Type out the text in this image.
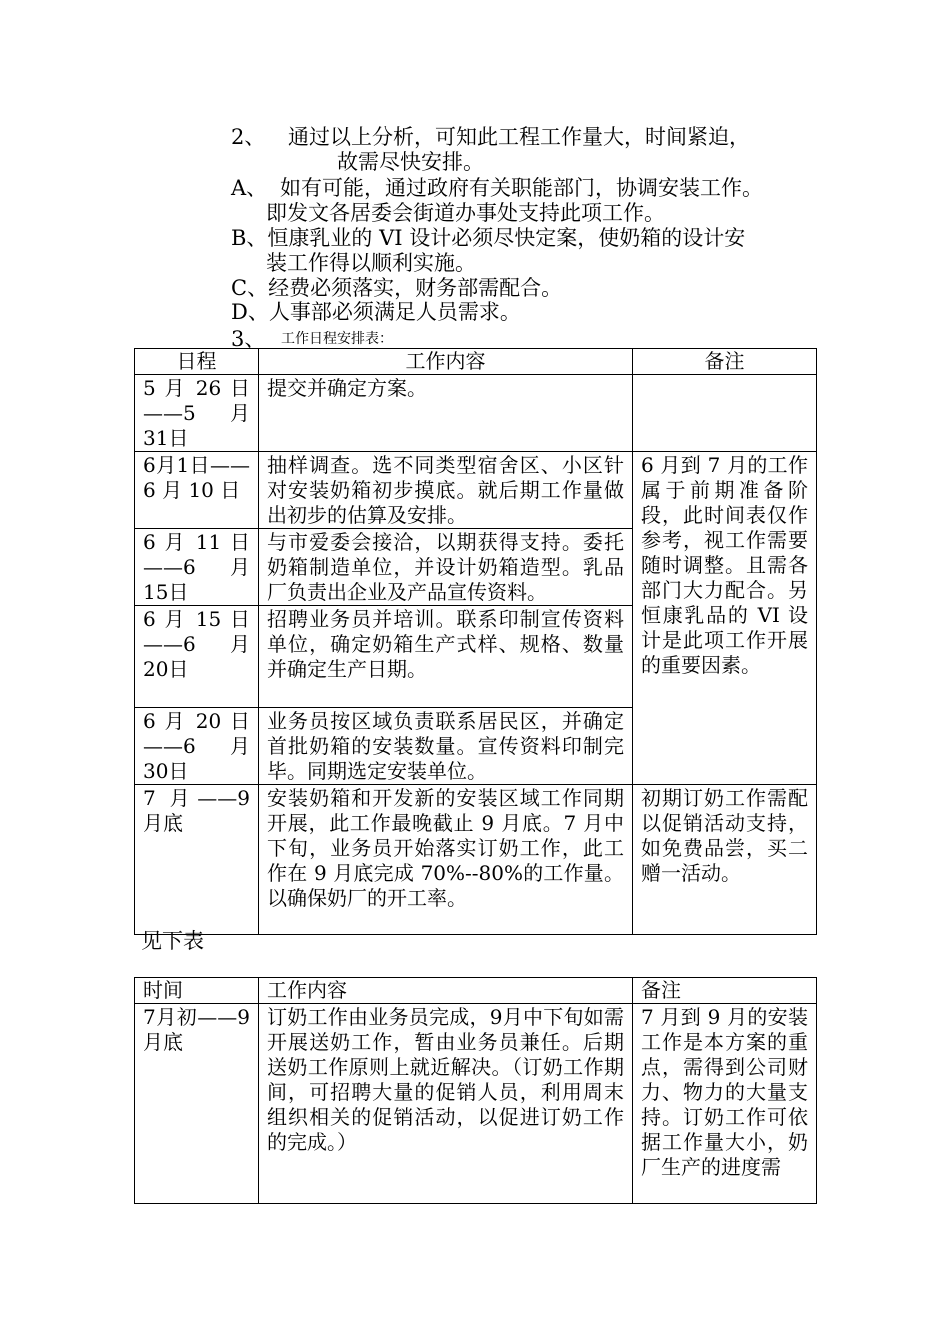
2、 通过以上分析，可知此工程工作量大，时间紧迫，
故需尽快安排。
A、 如有可能，通过政府有关职能部门，协调安装工作。
即发文各居委会街道办事处支持此项工作。
B、恒康乳业的 VI 设计必须尽快定案，使奶箱的设计安
装工作得以顺利实施。
C、经费必须落实，财务部需配合。
D、人事部必须满足人员需求。
3、 工作日程安排表：
日程	工作内容	备注
5 月 26 日——5 月 31日	提交并确定方案。	
6月1日——6 月 10 日	抽样调查。选不同类型宿舍区、小区针对安装奶箱初步摸底。就后期工作量做出初步的估算及安排。	6 月到 7 月的工作属于前期准备阶段，此时间表仅作参考，视工作需要随时调整。且需各部门大力配合。另恒康乳品的 VI 设计是此项工作开展的重要因素。
6 月 11 日——6 月 15日	与市爱委会接洽，以期获得支持。委托奶箱制造单位，并设计奶箱造型。乳品厂负责出企业及产品宣传资料。	
6 月 15 日——6 月 20日	招聘业务员并培训。联系印制宣传资料单位，确定奶箱生产式样、规格、数量并确定生产日期。	
6 月 20 日——6 月 30日	业务员按区域负责联系居民区，并确定首批奶箱的安装数量。宣传资料印制完毕。同期选定安装单位。	
7 月——9 月底	安装奶箱和开发新的安装区域工作同期开展，此工作最晚截止 9 月底。7 月中下旬，业务员开始落实订奶工作，此工作在 9 月底完成 70%--80%的工作量。以确保奶厂的开工率。	初期订奶工作需配以促销活动支持， 如免费品尝，买二赠一活动。
见下表
时间	工作内容	备注
7月初——9月底	订奶工作由业务员完成，9月中下旬如需开展送奶工作，暂由业务员兼任。后期送奶工作原则上就近解决。（订奶工作期间，可招聘大量的促销人员，利用周末组织相关的促销活动，以促进订奶工作的完成。）	7 月到 9 月的安装工作是本方案的重点，需得到公司财力、物力的大量支持。订奶工作可依据工作量大小，奶厂生产的进度需
